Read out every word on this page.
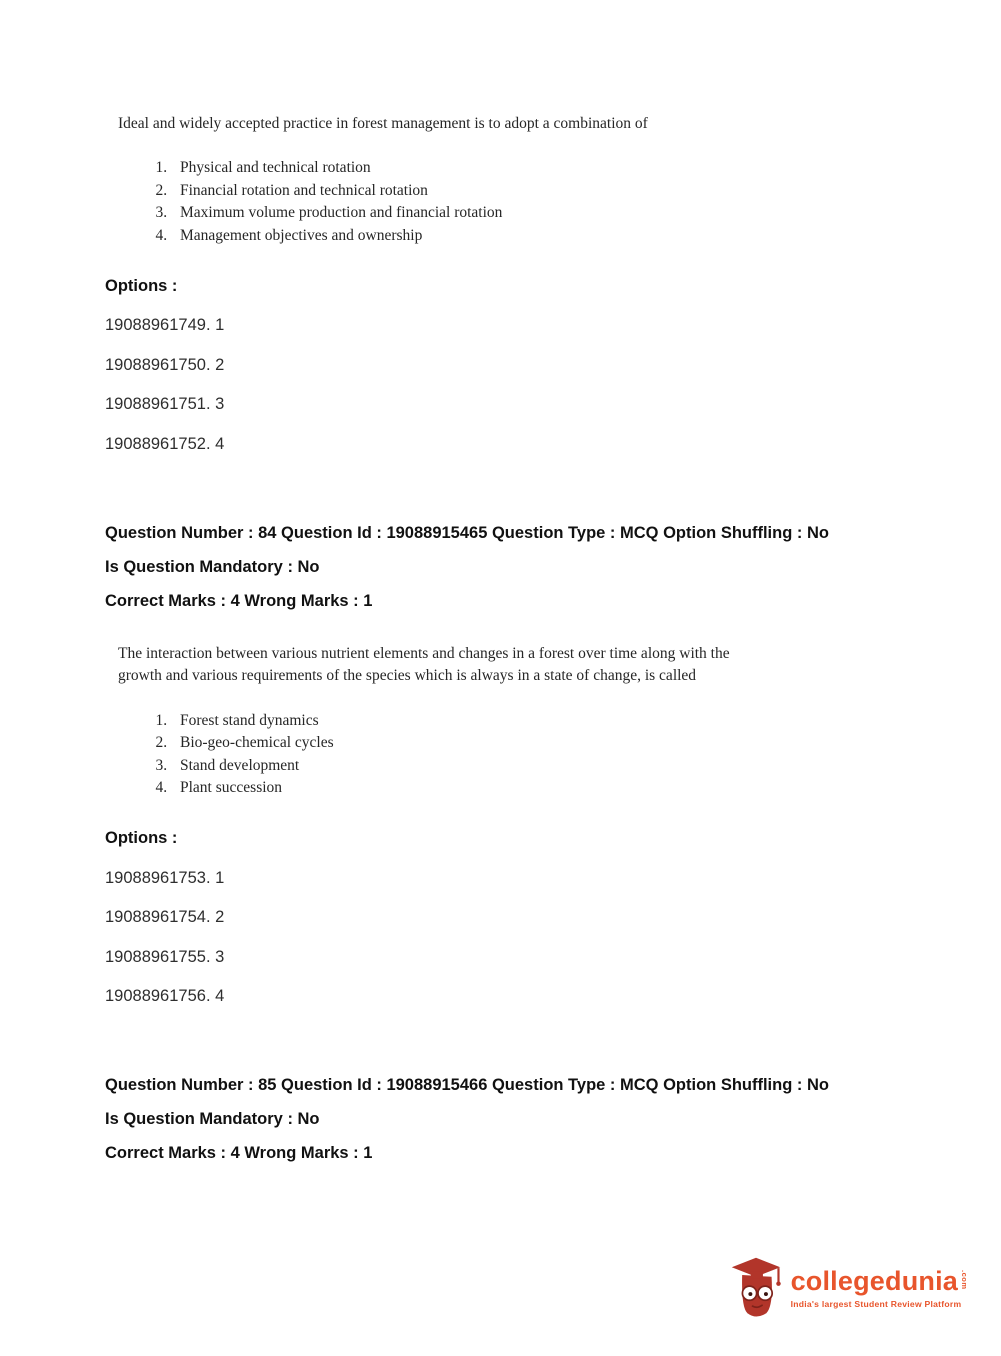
Ideal and widely accepted practice in forest management is to adopt a combination of
1. Physical and technical rotation
2. Financial rotation and technical rotation
3. Maximum volume production and financial rotation
4. Management objectives and ownership
Options :
19088961749. 1
19088961750. 2
19088961751. 3
19088961752. 4
Question Number : 84 Question Id : 19088915465 Question Type : MCQ Option Shuffling : No
Is Question Mandatory : No
Correct Marks : 4 Wrong Marks : 1
The interaction between various nutrient elements and changes in a forest over time along with the growth and various requirements of the species which is always in a state of change, is called
1. Forest stand dynamics
2. Bio-geo-chemical cycles
3. Stand development
4. Plant succession
Options :
19088961753. 1
19088961754. 2
19088961755. 3
19088961756. 4
Question Number : 85 Question Id : 19088915466 Question Type : MCQ Option Shuffling : No
Is Question Mandatory : No
Correct Marks : 4 Wrong Marks : 1
collegedunia .com
India's largest Student Review Platform
